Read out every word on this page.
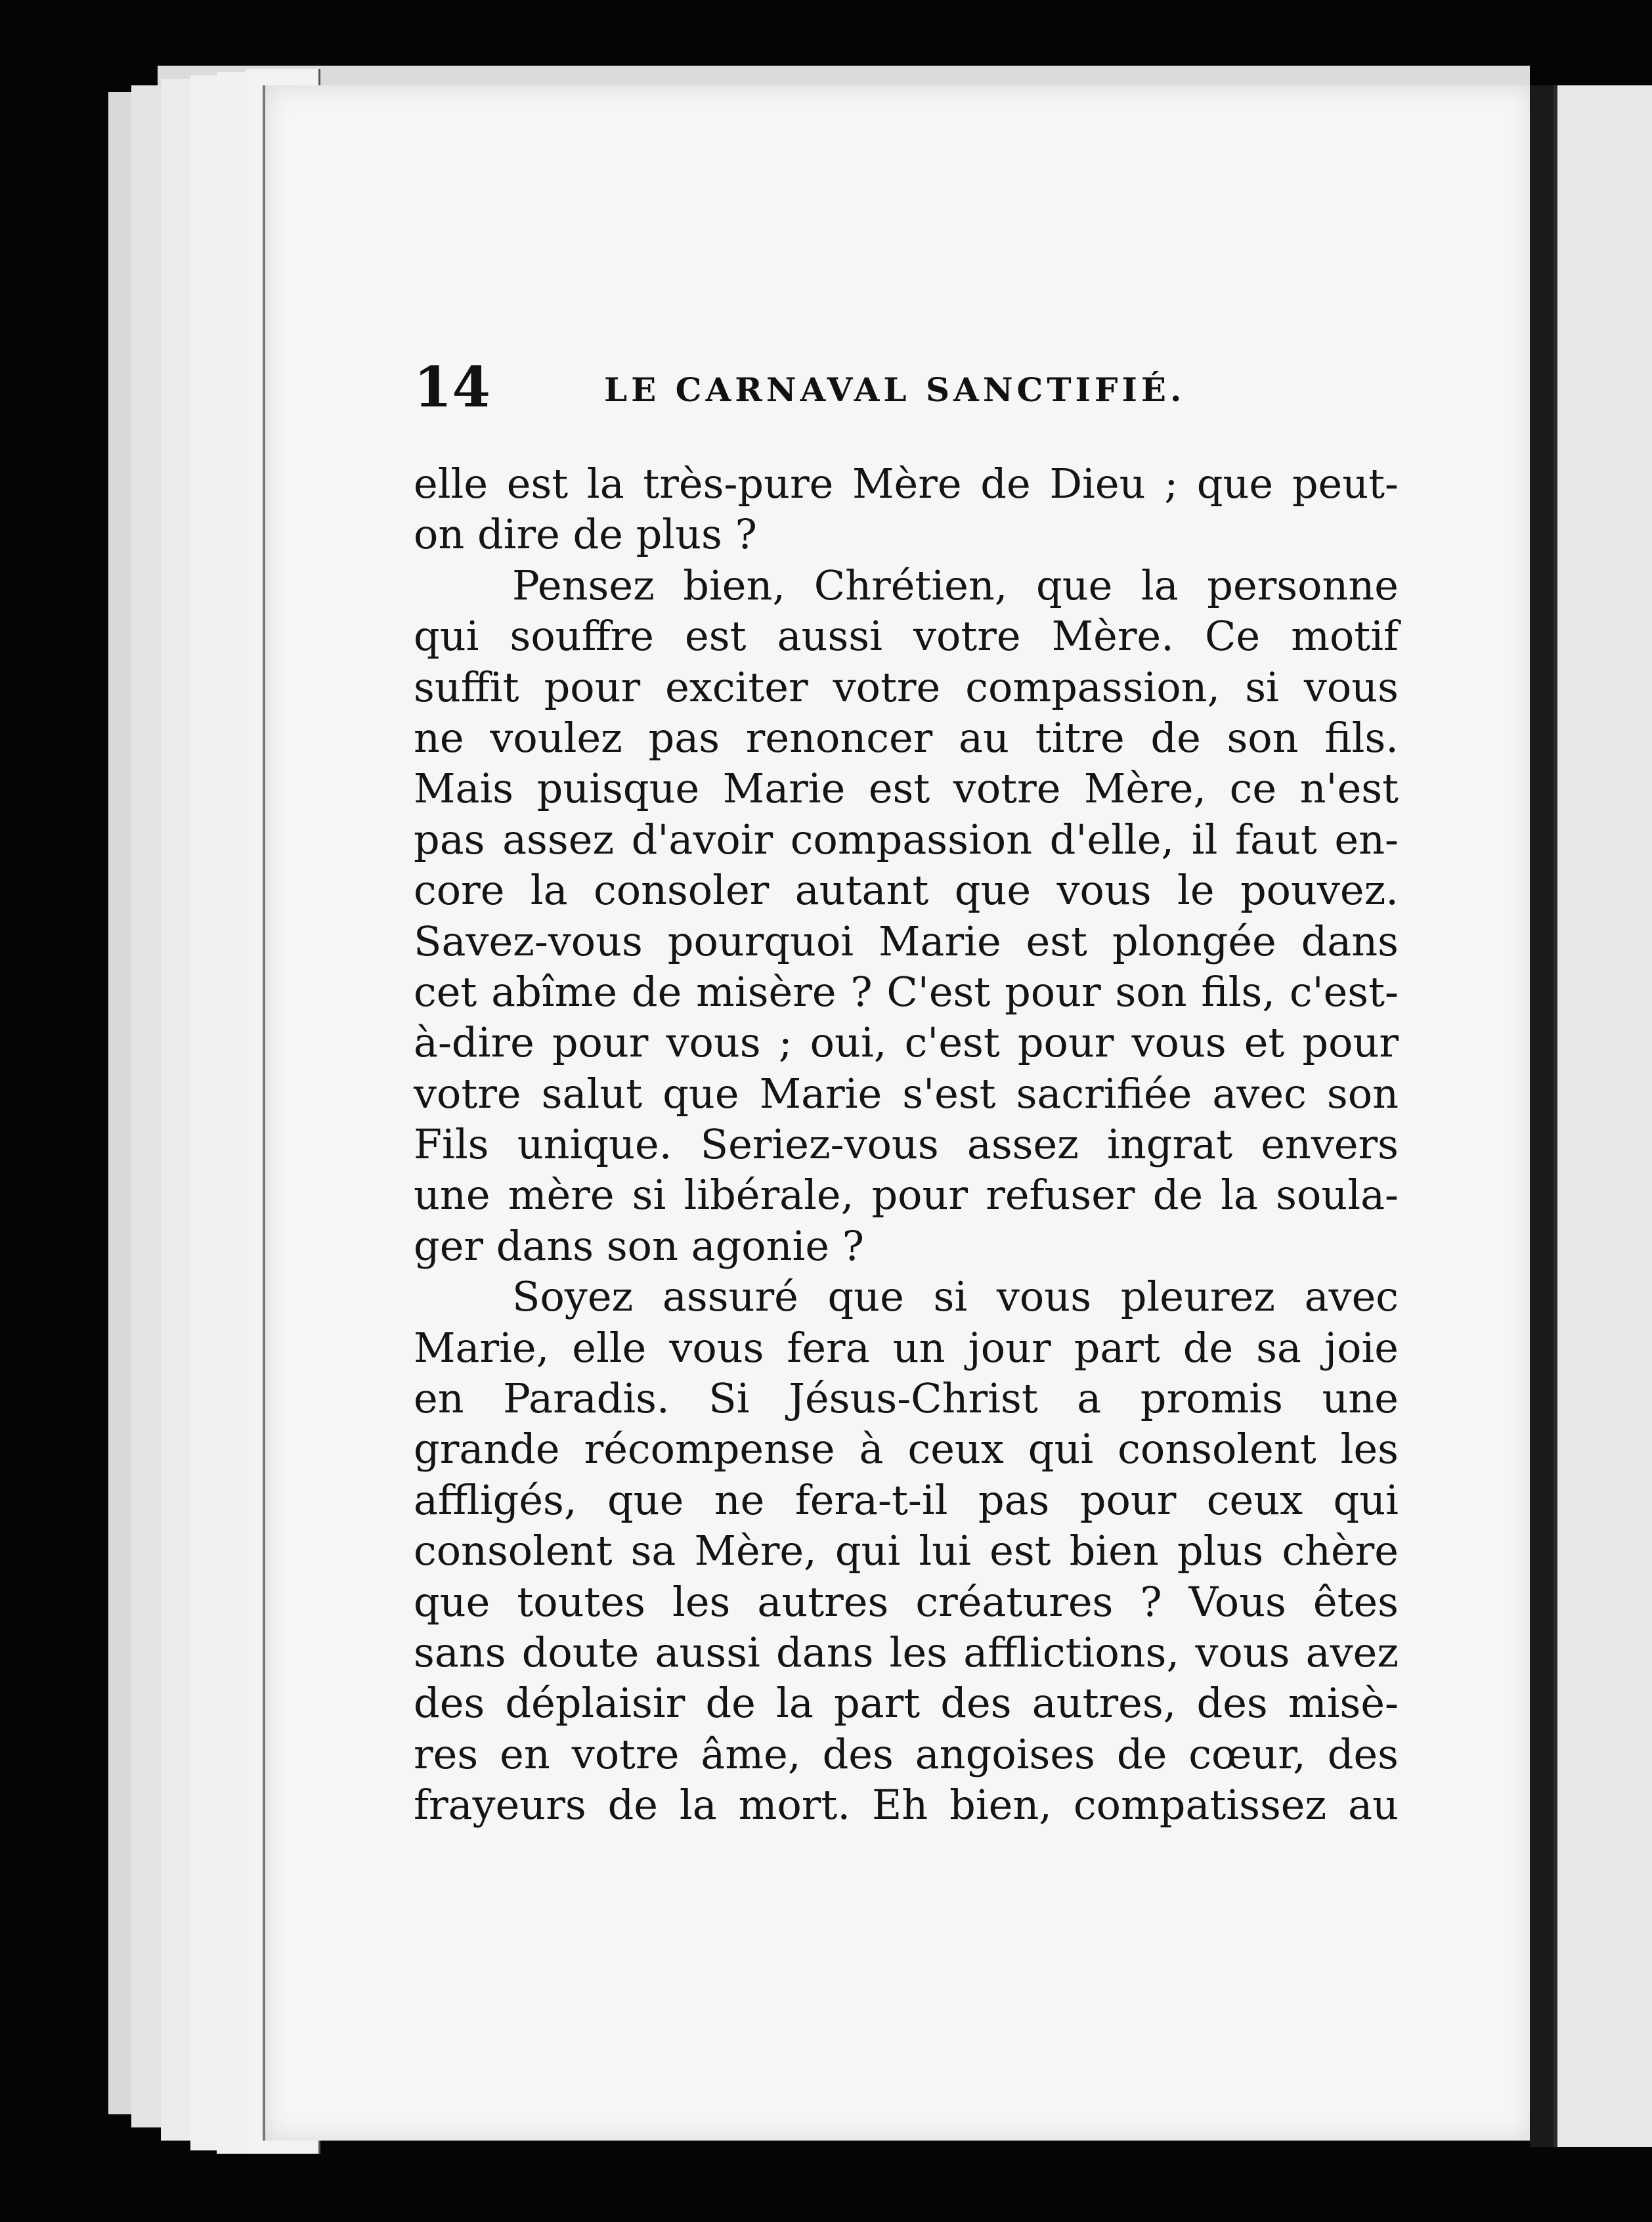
14	LE CARNAVAL SANCTIFIÉ.
elle est la très-pure Mère de Dieu ; que peut-
on dire de plus ?
Pensez bien, Chrétien, que la personne
qui souffre est aussi votre Mère. Ce motif
suffit pour exciter votre compassion, si vous
ne voulez pas renoncer au titre de son fils.
Mais puisque Marie est votre Mère, ce n'est
pas assez d'avoir compassion d'elle, il faut en-
core la consoler autant que vous le pouvez.
Savez-vous pourquoi Marie est plongée dans
cet abîme de misère ? C'est pour son fils, c'est-
à-dire pour vous ; oui, c'est pour vous et pour
votre salut que Marie s'est sacrifiée avec son
Fils unique. Seriez-vous assez ingrat envers
une mère si libérale, pour refuser de la soula-
ger dans son agonie ?
Soyez assuré que si vous pleurez avec
Marie, elle vous fera un jour part de sa joie
en Paradis. Si Jésus-Christ a promis une
grande récompense à ceux qui consolent les
affligés, que ne fera-t-il pas pour ceux qui
consolent sa Mère, qui lui est bien plus chère
que toutes les autres créatures ? Vous êtes
sans doute aussi dans les afflictions, vous avez
des déplaisir de la part des autres, des misè-
res en votre âme, des angoises de cœur, des
frayeurs de la mort. Eh bien, compatissez au
